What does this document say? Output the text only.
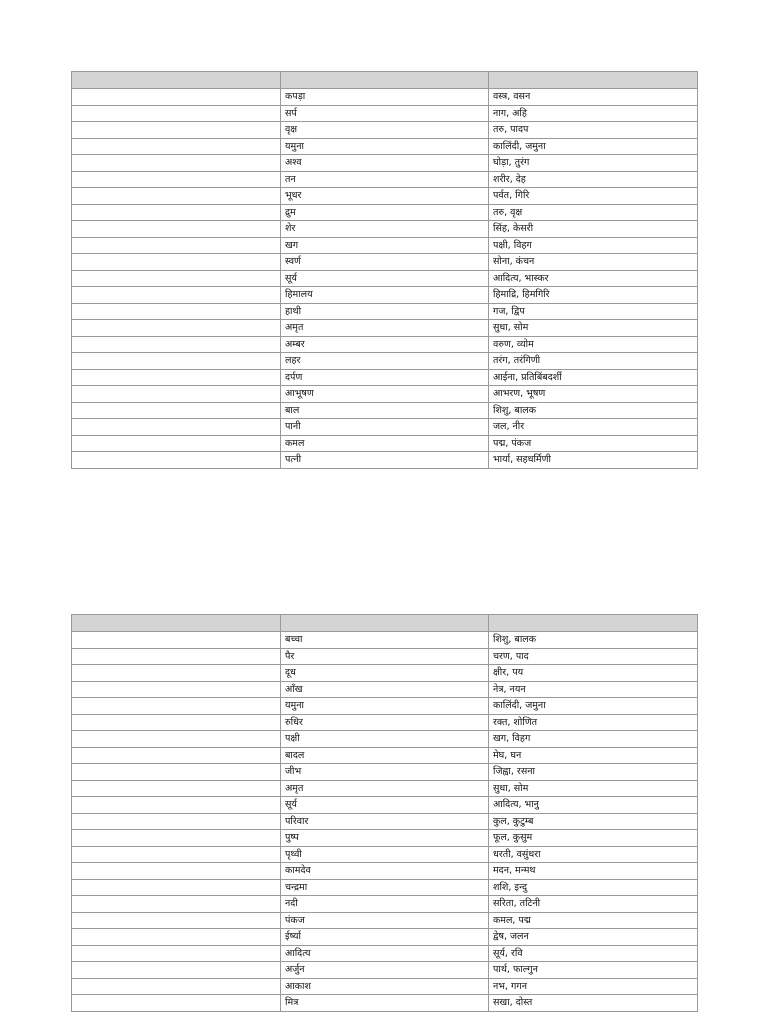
	कपड़ा	वस्त्र, वसन
	सर्प	नाग, अहि
	वृक्ष	तरु, पादप
	यमुना	कालिंदी, जमुना
	अश्व	घोड़ा, तुरंग
	तन	शरीर, देह
	भूधर	पर्वत, गिरि
	द्रुम	तरु, वृक्ष
	शेर	सिंह, केसरी
	खग	पक्षी, विहग
	स्वर्ण	सोना, कंचन
	सूर्य	आदित्य, भास्कर
	हिमालय	हिमाद्रि, हिमगिरि
	हाथी	गज, द्विप
	अमृत	सुधा, सोम
	अम्बर	वरुण, व्योम
	लहर	तरंग, तरंगिणी
	दर्पण	आईना, प्रतिबिंबदर्शी
	आभूषण	आभरण, भूषण
	बाल	शिशु, बालक
	पानी	जल, नीर
	कमल	पद्म, पंकज
	पत्नी	भार्या, सहधर्मिणी

	बच्चा	शिशु, बालक
	पैर	चरण, पाद
	दूध	क्षीर, पय
	आँख	नेत्र, नयन
	यमुना	कालिंदी, जमुना
	रुधिर	रक्त, शोणित
	पक्षी	खग, विहग
	बादल	मेघ, घन
	जीभ	जिह्वा, रसना
	अमृत	सुधा, सोम
	सूर्य	आदित्य, भानु
	परिवार	कुल, कुटुम्ब
	पुष्प	फूल, कुसुम
	पृथ्वी	धरती, वसुंधरा
	कामदेव	मदन, मन्मथ
	चन्द्रमा	शशि, इन्दु
	नदी	सरिता, तटिनी
	पंकज	कमल, पद्म
	ईर्ष्या	द्वेष, जलन
	आदित्य	सूर्य, रवि
	अर्जुन	पार्थ, फाल्गुन
	आकाश	नभ, गगन
	मित्र	सखा, दोस्त
